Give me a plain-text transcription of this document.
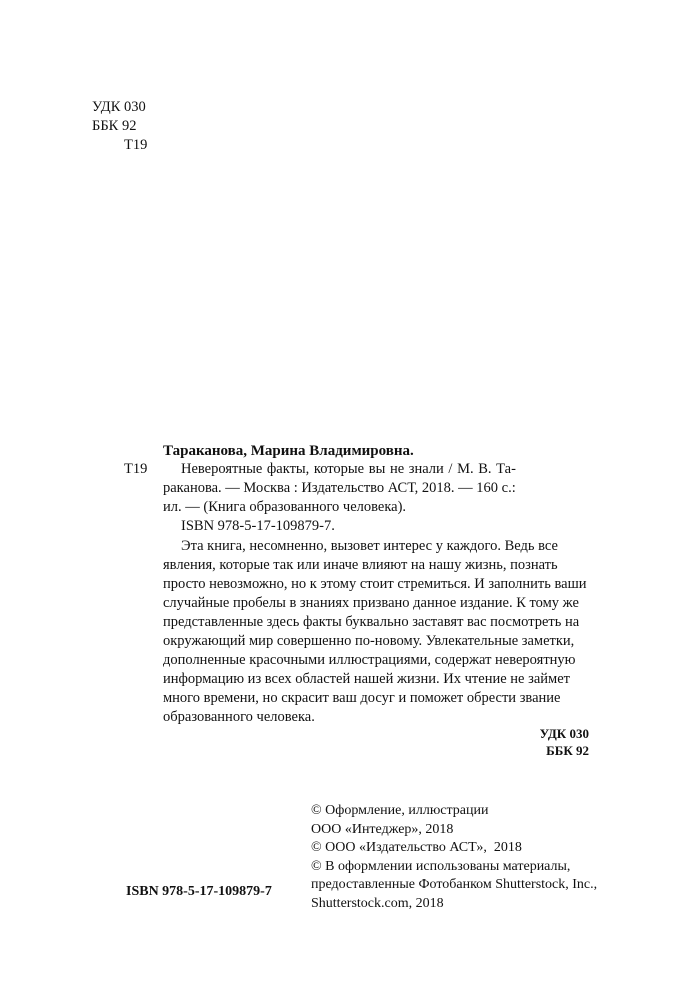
УДК 030
ББК 92
Т19
Тараканова, Марина Владимировна.
Т19 Невероятные факты, которые вы не знали / М. В. Та-
раканова. — Москва : Издательство АСТ, 2018. — 160 с.:
ил. — (Книга образованного человека).
ISBN 978-5-17-109879-7.
Эта книга, несомненно, вызовет интерес у каждого. Ведь все
явления, которые так или иначе влияют на нашу жизнь, познать
просто невозможно, но к этому стоит стремиться. И заполнить ваши
случайные пробелы в знаниях призвано данное издание. К тому же
представленные здесь факты буквально заставят вас посмотреть на
окружающий мир совершенно по-новому. Увлекательные заметки,
дополненные красочными иллюстрациями, содержат невероятную
информацию из всех областей нашей жизни. Их чтение не займет
много времени, но скрасит ваш досуг и поможет обрести звание
образованного человека.
УДК 030
ББК 92
© Оформление, иллюстрации
ООО «Интеджер», 2018
© ООО «Издательство АСТ»,  2018
© В оформлении использованы материалы,
предоставленные Фотобанком Shutterstock, Inc.,
Shutterstock.com, 2018
ISBN 978-5-17-109879-7
